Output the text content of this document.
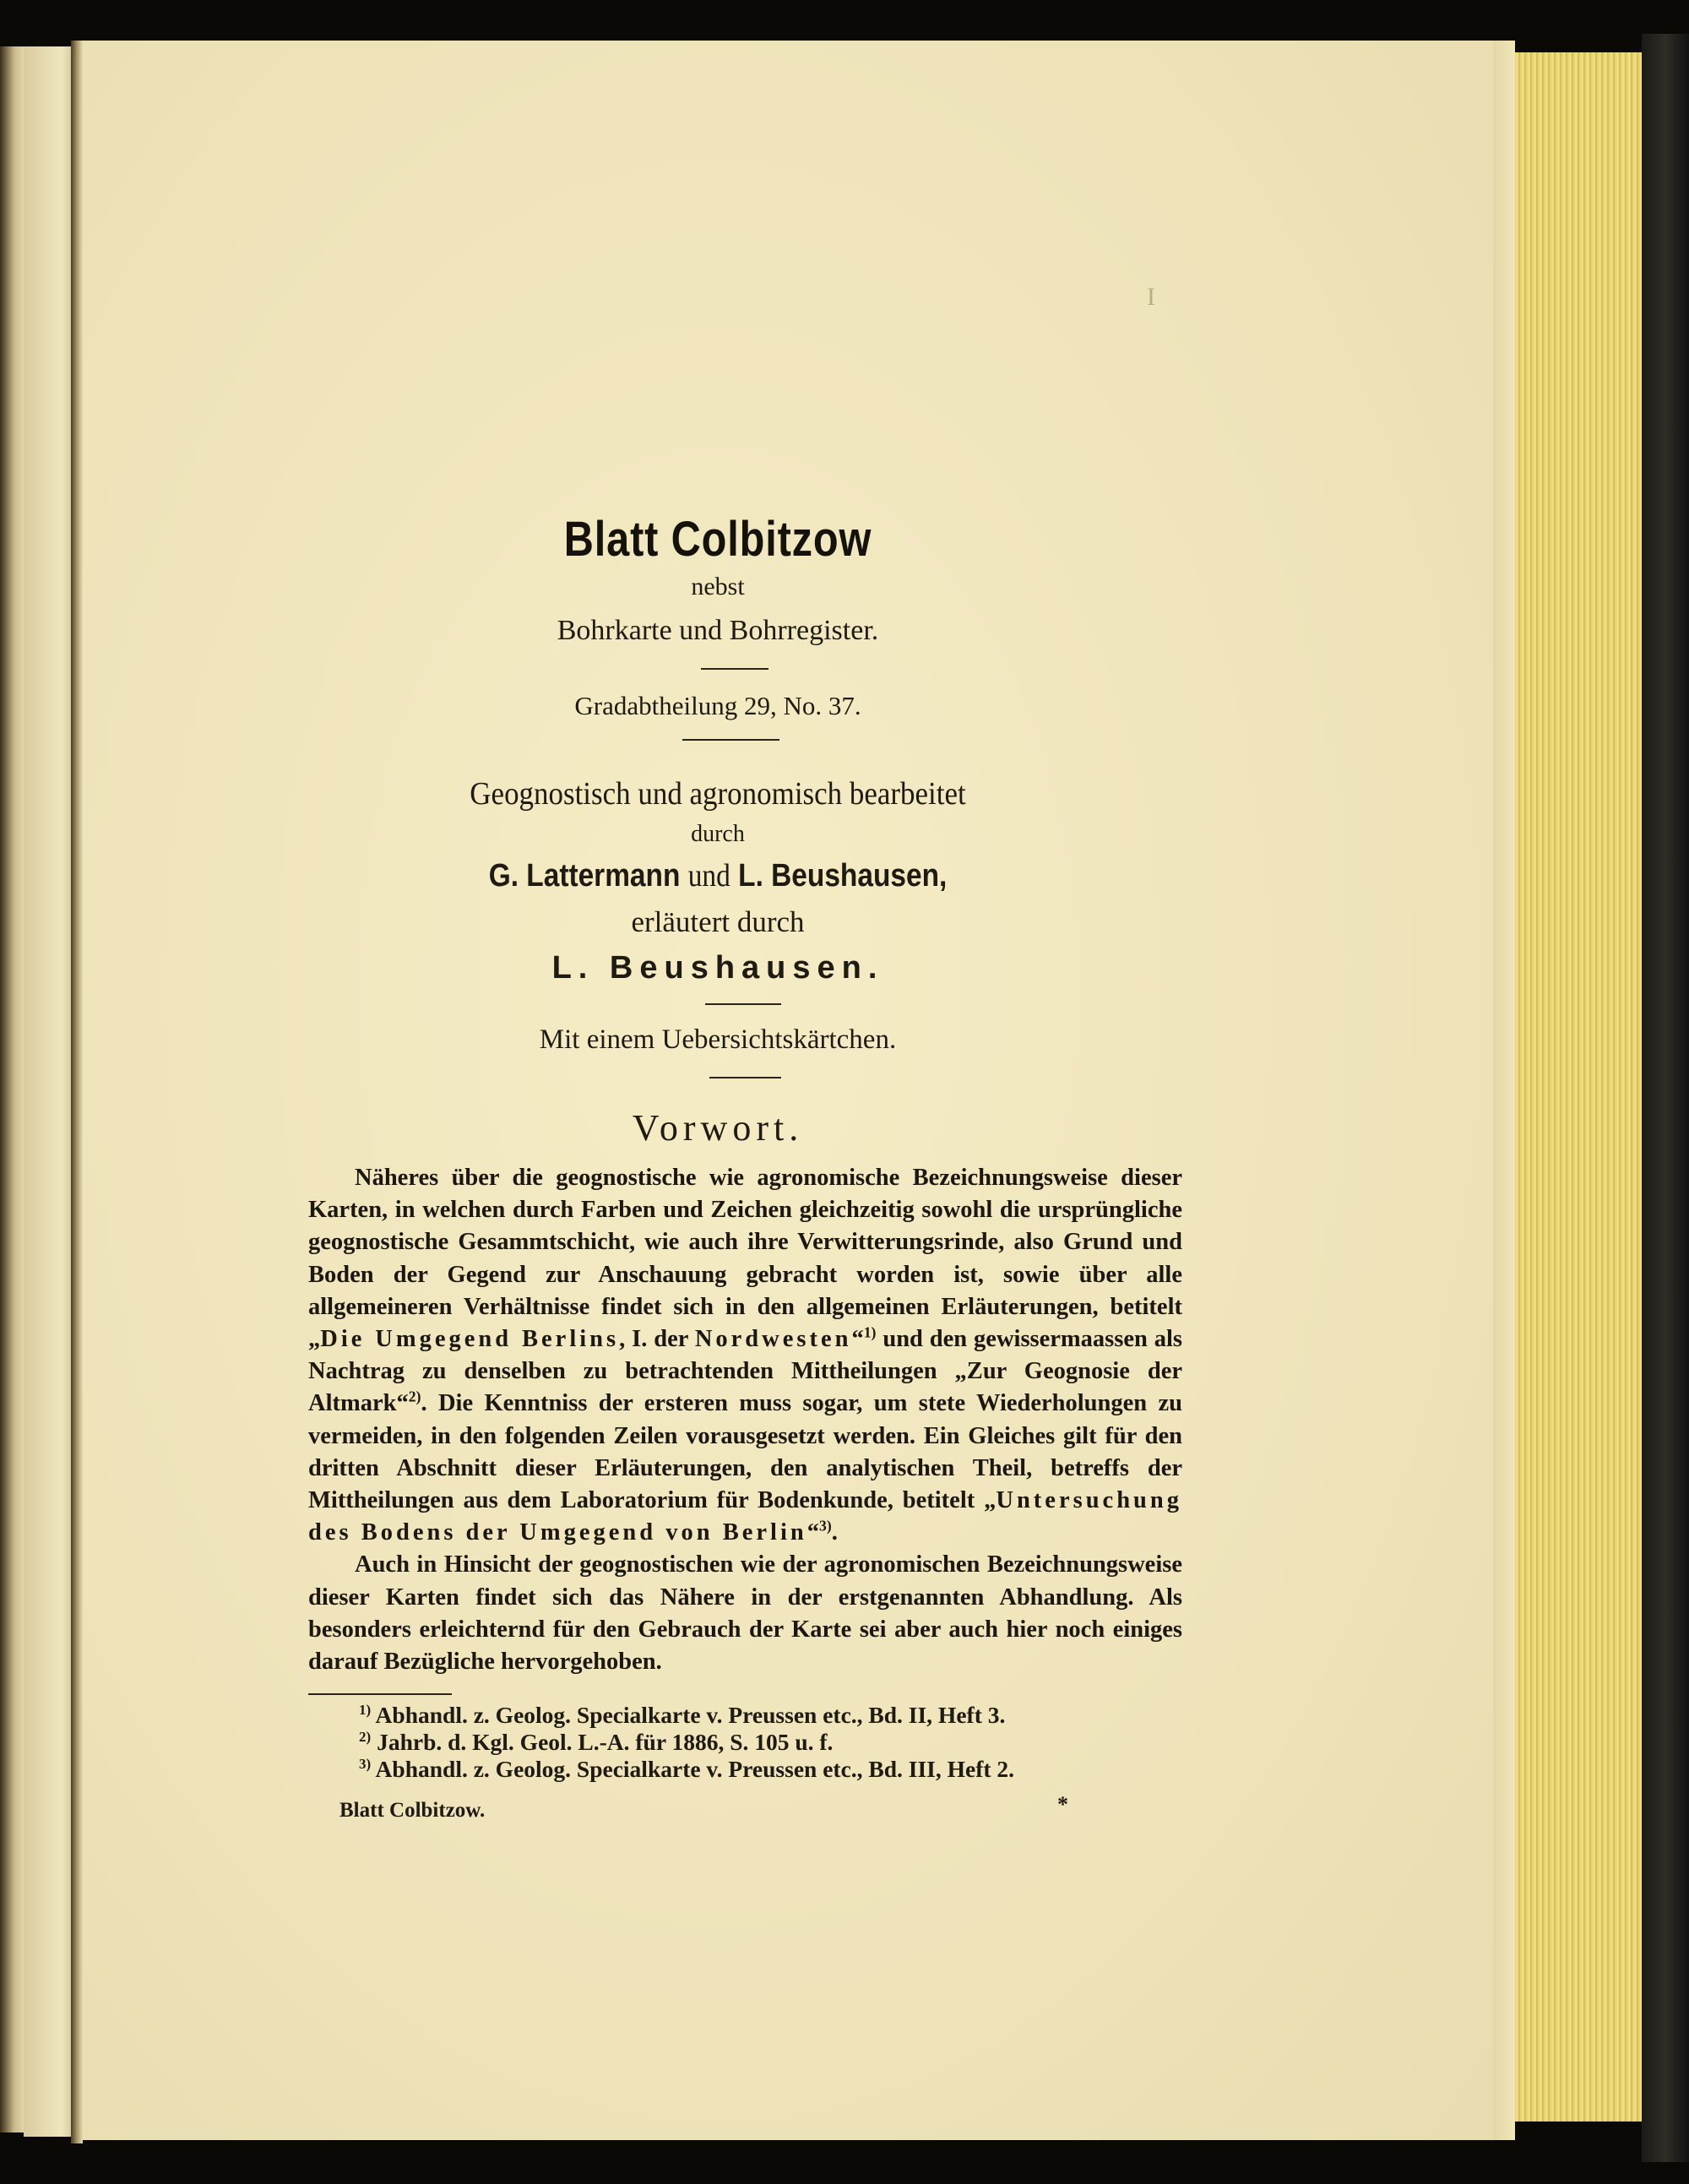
I
Blatt Colbitzow
nebst
Bohrkarte und Bohrregister.
Gradabtheilung 29, No. 37.
Geognostisch und agronomisch bearbeitet
durch
G. Lattermann und L. Beushausen,
erläutert durch
L. Beushausen.
Mit einem Uebersichtskärtchen.
Vorwort.

Näheres über die geognostische wie agronomische Bezeichnungsweise dieser Karten, in welchen durch Farben und Zeichen gleichzeitig sowohl die ursprüngliche geognostische Gesammtschicht, wie auch ihre Verwitterungsrinde, also Grund und Boden der Gegend zur Anschauung gebracht worden ist, sowie über alle allgemeineren Verhältnisse findet sich in den allgemeinen Erläuterungen, betitelt „Die Umgegend Berlins, I. der Nordwesten“$^{1)}$ und den gewissermaassen als Nachtrag zu denselben zu betrachtenden Mittheilungen „Zur Geognosie der Altmark“$^{2)}$. Die Kenntniss der ersteren muss sogar, um stete Wiederholungen zu vermeiden, in den folgenden Zeilen vorausgesetzt werden. Ein Gleiches gilt für den dritten Abschnitt dieser Erläuterungen, den analytischen Theil, betreffs der Mittheilungen aus dem Laboratorium für Bodenkunde, betitelt „Untersuchung des Bodens der Umgegend von Berlin“$^{3)}$.

Auch in Hinsicht der geognostischen wie der agronomischen Bezeichnungsweise dieser Karten findet sich das Nähere in der erstgenannten Abhandlung. Als besonders erleichternd für den Gebrauch der Karte sei aber auch hier noch einiges darauf Bezügliche hervorgehoben.

$^{1)}$ Abhandl. z. Geolog. Specialkarte v. Preussen etc., Bd. II, Heft 3.
$^{2)}$ Jahrb. d. Kgl. Geol. L.-A. für 1886, S. 105 u. f.
$^{3)}$ Abhandl. z. Geolog. Specialkarte v. Preussen etc., Bd. III, Heft 2.
Blatt Colbitzow.	*
